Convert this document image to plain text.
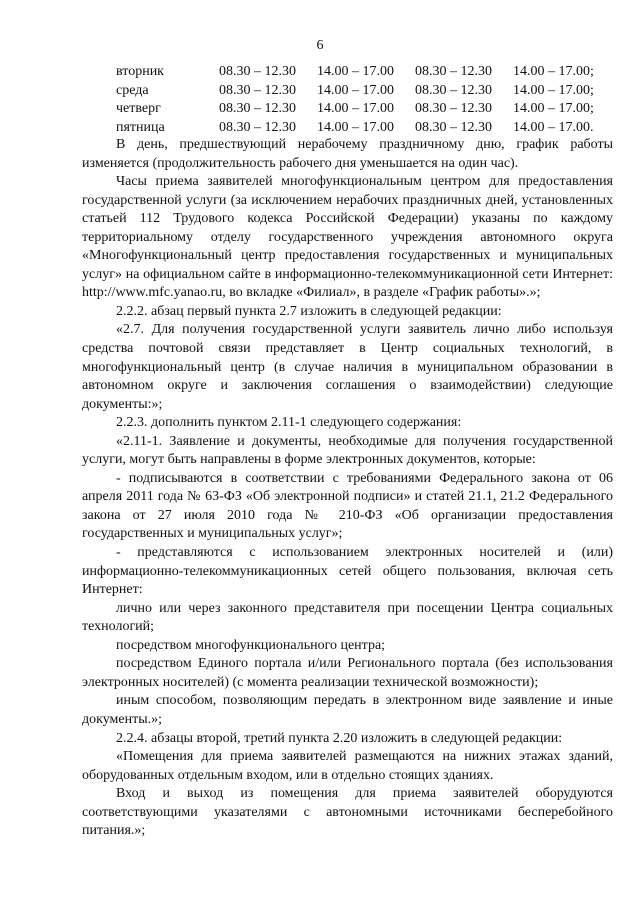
6
вторник	08.30 – 12.30	14.00 – 17.00	08.30 – 12.30	14.00 – 17.00;
среда	08.30 – 12.30	14.00 – 17.00	08.30 – 12.30	14.00 – 17.00;
четверг	08.30 – 12.30	14.00 – 17.00	08.30 – 12.30	14.00 – 17.00;
пятница	08.30 – 12.30	14.00 – 17.00	08.30 – 12.30	14.00 – 17.00.

В день, предшествующий нерабочему праздничному дню, график работы изменяется (продолжительность рабочего дня уменьшается на один час).

Часы приема заявителей многофункциональным центром для предоставления государственной услуги (за исключением нерабочих праздничных дней, установленных статьей 112 Трудового кодекса Российской Федерации) указаны по каждому территориальному отделу государственного учреждения автономного округа «Многофункциональный центр предоставления государственных и муниципальных услуг» на официальном сайте в информационно-телекоммуникационной сети Интернет: http://www.mfc.yanao.ru, во вкладке «Филиал», в разделе «График работы».»;

2.2.2. абзац первый пункта 2.7 изложить в следующей редакции:

«2.7. Для получения государственной услуги заявитель лично либо используя средства почтовой связи представляет в Центр социальных технологий, в многофункциональный центр (в случае наличия в муниципальном образовании в автономном округе и заключения соглашения о взаимодействии) следующие документы:»;

2.2.3. дополнить пунктом 2.11-1 следующего содержания:

«2.11-1. Заявление и документы, необходимые для получения государственной услуги, могут быть направлены в форме электронных документов, которые:

- подписываются в соответствии с требованиями Федерального закона от 06 апреля 2011 года № 63-ФЗ «Об электронной подписи» и статей 21.1, 21.2 Федерального закона от 27 июля 2010 года № 210-ФЗ «Об организации предоставления государственных и муниципальных услуг»;

- представляются с использованием электронных носителей и (или) информационно-телекоммуникационных сетей общего пользования, включая сеть Интернет:

лично или через законного представителя при посещении Центра социальных технологий;

посредством многофункционального центра;

посредством Единого портала и/или Регионального портала (без использования электронных носителей) (с момента реализации технической возможности);

иным способом, позволяющим передать в электронном виде заявление и иные документы.»;

2.2.4. абзацы второй, третий пункта 2.20 изложить в следующей редакции:

«Помещения для приема заявителей размещаются на нижних этажах зданий, оборудованных отдельным входом, или в отдельно стоящих зданиях.

Вход и выход из помещения для приема заявителей оборудуются соответствующими указателями с автономными источниками бесперебойного питания.»;
